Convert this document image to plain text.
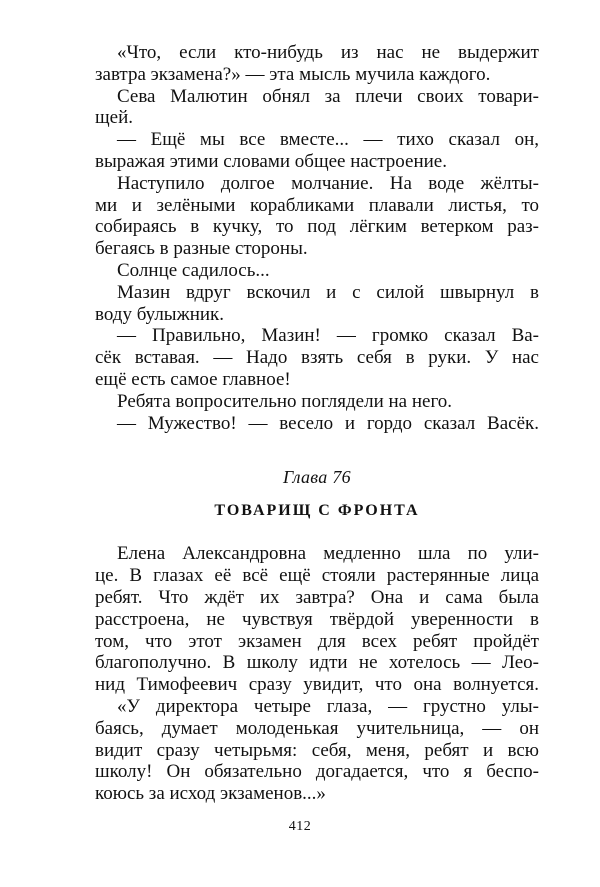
«Что, если кто-нибудь из нас не выдержит
завтра экзамена?» — эта мысль мучила каждого.
Сева Малютин обнял за плечи своих товари-
щей.
— Ещё мы все вместе... — тихо сказал он,
выражая этими словами общее настроение.
Наступило долгое молчание. На воде жёлты-
ми и зелёными корабликами плавали листья, то
собираясь в кучку, то под лёгким ветерком раз-
бегаясь в разные стороны.
Солнце садилось...
Мазин вдруг вскочил и с силой швырнул в
воду булыжник.
— Правильно, Мазин! — громко сказал Ва-
сёк вставая. — Надо взять себя в руки. У нас
ещё есть самое главное!
Ребята вопросительно поглядели на него.
— Мужество! — весело и гордо сказал Васёк.
Глава 76
ТОВАРИЩ С ФРОНТА
Елена Александровна медленно шла по ули-
це. В глазах её всё ещё стояли растерянные лица
ребят. Что ждёт их завтра? Она и сама была
расстроена, не чувствуя твёрдой уверенности в
том, что этот экзамен для всех ребят пройдёт
благополучно. В школу идти не хотелось — Лео-
нид Тимофеевич сразу увидит, что она волнуется.
«У директора четыре глаза, — грустно улы-
баясь, думает молоденькая учительница, — он
видит сразу четырьмя: себя, меня, ребят и всю
школу! Он обязательно догадается, что я беспо-
коюсь за исход экзаменов...»
412
